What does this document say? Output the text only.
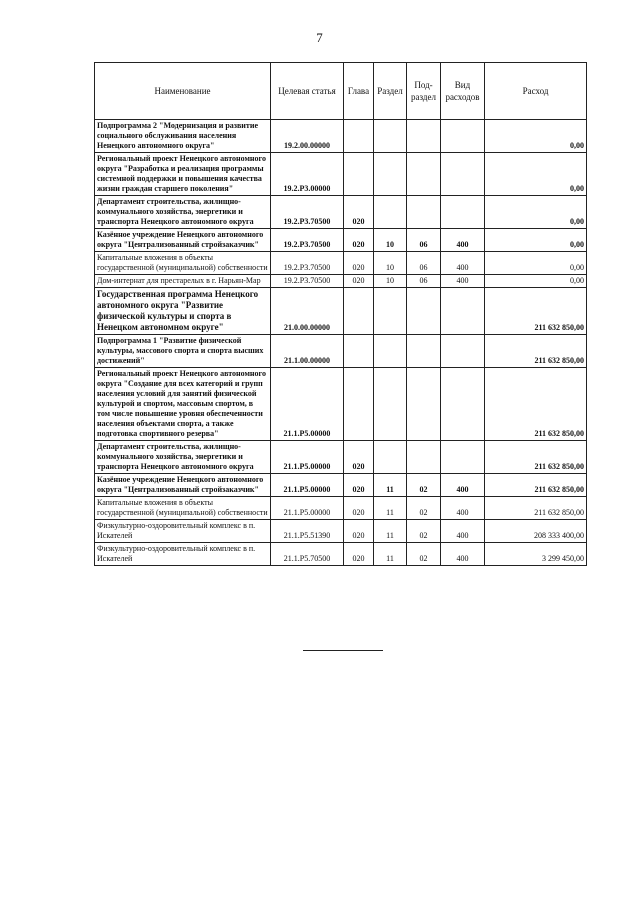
7
Наименование	Целевая статья	Глава	Раздел	Под-раздел	Вид расходов	Расход
Подпрограмма 2 "Модернизация и развитие социального обслуживания населения Ненецкого автономного округа"	19.2.00.00000					0,00
Региональный проект Ненецкого автономного округа "Разработка и реализация программы системной поддержки и повышения качества жизни граждан старшего поколения"	19.2.Р3.00000					0,00
Департамент строительства, жилищно-коммунального хозяйства, энергетики и транспорта Ненецкого автономного округа	19.2.Р3.70500	020				0,00
Казённое учреждение Ненецкого автономного округа "Централизованный стройзаказчик"	19.2.Р3.70500	020	10	06	400	0,00
Капитальные вложения в объекты государственной (муниципальной) собственности	19.2.Р3.70500	020	10	06	400	0,00
Дом-интернат для престарелых в г. Нарьян-Мар	19.2.Р3.70500	020	10	06	400	0,00
Государственная программа Ненецкого автономного округа "Развитие физической культуры и спорта в Ненецком автономном округе"	21.0.00.00000					211 632 850,00
Подпрограмма 1 "Развитие физической культуры, массового спорта и спорта высших достижений"	21.1.00.00000					211 632 850,00
Региональный проект Ненецкого автономного округа "Создание для всех категорий и групп населения условий для занятий физической культурой и спортом, массовым спортом, в том числе повышение уровня обеспеченности населения объектами спорта, а также подготовка спортивного резерва"	21.1.Р5.00000					211 632 850,00
Департамент строительства, жилищно-коммунального хозяйства, энергетики и транспорта Ненецкого автономного округа	21.1.Р5.00000	020				211 632 850,00
Казённое учреждение Ненецкого автономного округа "Централизованный стройзаказчик"	21.1.Р5.00000	020	11	02	400	211 632 850,00
Капитальные вложения в объекты государственной (муниципальной) собственности	21.1.Р5.00000	020	11	02	400	211 632 850,00
Физкультурно-оздоровительный комплекс в п. Искателей	21.1.Р5.51390	020	11	02	400	208 333 400,00
Физкультурно-оздоровительный комплекс в п. Искателей	21.1.Р5.70500	020	11	02	400	3 299 450,00
